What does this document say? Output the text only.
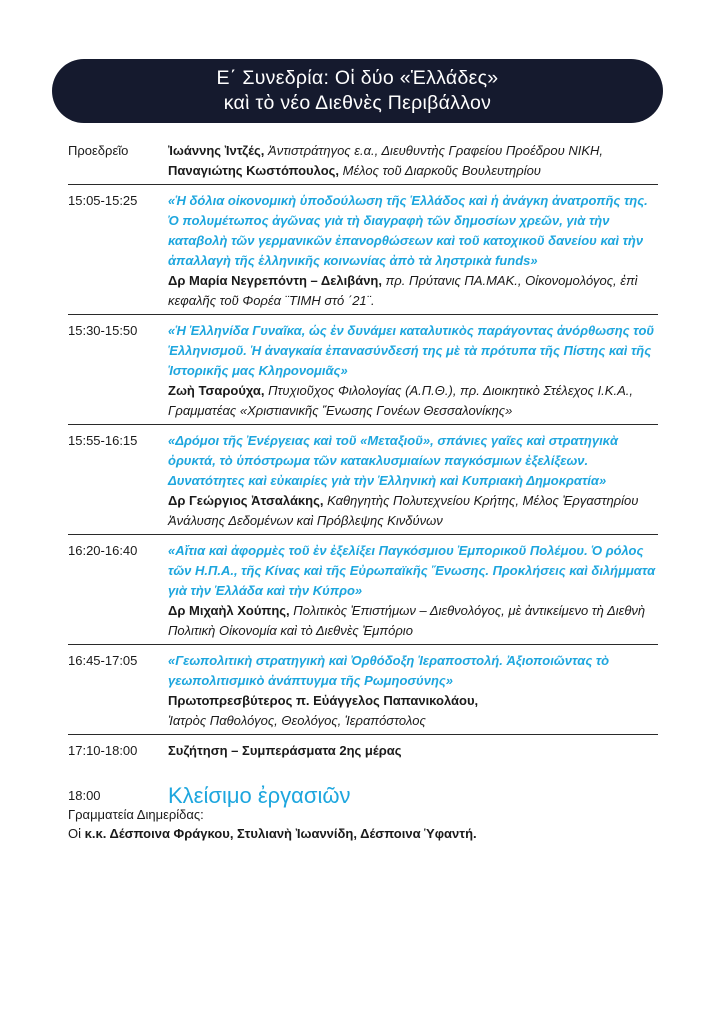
Ε΄ Συνεδρία: Οἱ δύο «Ἑλλάδες»
καὶ τὸ νέο Διεθνὲς Περιβάλλον
Προεδρεῖο	Ἰωάννης Ἰντζές, Ἀντιστράτηγος ε.α., Διευθυντὴς Γραφείου Προέδρου ΝΙΚΗ,
Παναγιώτης Κωστόπουλος, Μέλος τοῦ Διαρκοῦς Βουλευτηρίου
15:05-15:25	«Ἡ δόλια οἰκονομικὴ ὑποδούλωση τῆς Ἑλλάδος καὶ ἡ ἀνάγκη ἀνατροπῆς της. Ὁ πολυμέτωπος ἀγῶνας γιὰ τὴ διαγραφὴ τῶν δημοσίων χρεῶν, γιὰ τὴν καταβολὴ τῶν γερμανικῶν ἐπανορθώσεων καὶ τοῦ κατοχικοῦ δανείου καὶ τὴν ἀπαλλαγὴ τῆς ἑλληνικῆς κοινωνίας ἀπὸ τὰ ληστρικὰ funds»
Δρ Μαρία Νεγρεπόντη – Δελιβάνη, πρ. Πρύτανις ΠΑ.ΜΑΚ., Οἰκονομολόγος, ἐπὶ κεφαλῆς τοῦ Φορέα ¨ΤΙΜΗ στό ΄21¨.
15:30-15:50	«Ἡ Ἑλληνίδα Γυναῖκα, ὡς ἐν δυνάμει καταλυτικὸς παράγοντας ἀνόρθωσης τοῦ Ἑλληνισμοῦ. Ἡ ἀναγκαία ἐπανασύνδεσή της μὲ τὰ πρότυπα τῆς Πίστης καὶ τῆς Ἱστορικῆς μας Κληρονομιᾶς»
Ζωὴ Τσαρούχα, Πτυχιοῦχος Φιλολογίας (Α.Π.Θ.), πρ. Διοικητικὸ Στέλεχος Ι.Κ.Α., Γραμματέας «Χριστιανικῆς Ἕνωσης Γονέων Θεσσαλονίκης»
15:55-16:15	«Δρόμοι τῆς Ἐνέργειας καὶ τοῦ «Μεταξιοῦ», σπάνιες γαῖες καὶ στρατηγικὰ ὀρυκτά, τὸ ὑπόστρωμα τῶν κατακλυσμιαίων παγκόσμιων ἐξελίξεων. Δυνατότητες καὶ εὐκαιρίες γιὰ τὴν Ἑλληνικὴ καὶ Κυπριακὴ Δημοκρατία»
Δρ Γεώργιος Ἀτσαλάκης, Καθηγητὴς Πολυτεχνείου Κρήτης, Μέλος Ἐργαστηρίου Ἀνάλυσης Δεδομένων καὶ Πρόβλεψης Κινδύνων
16:20-16:40	«Αἴτια καὶ ἀφορμὲς τοῦ ἐν ἐξελίξει Παγκόσμιου Ἐμπορικοῦ Πολέμου. Ὁ ρόλος τῶν Η.Π.Α., τῆς Κίνας καὶ τῆς Εὐρωπαϊκῆς Ἕνωσης. Προκλήσεις καὶ διλήμματα γιὰ τὴν Ἑλλάδα καὶ τὴν Κύπρο»
Δρ Μιχαὴλ Χούπης, Πολιτικὸς Ἐπιστήμων – Διεθνολόγος, μὲ ἀντικείμενο τὴ Διεθνὴ Πολιτικὴ Οἰκονομία καὶ τὸ Διεθνὲς Ἐμπόριο
16:45-17:05	«Γεωπολιτικὴ στρατηγικὴ καὶ Ὀρθόδοξη Ἱεραποστολή. Ἀξιοποιῶντας τὸ γεωπολιτισμικὸ ἀνάπτυγμα τῆς Ρωμηοσύνης»
Πρωτοπρεσβύτερος π. Εὐάγγελος Παπανικολάου,
Ἰατρὸς Παθολόγος, Θεολόγος, Ἱεραπόστολος
17:10-18:00	Συζήτηση – Συμπεράσματα 2ης μέρας
18:00	Κλείσιμο ἐργασιῶν
Γραμματεία Διημερίδας:
Οἱ κ.κ. Δέσποινα Φράγκου, Στυλιανὴ Ἰωαννίδη, Δέσποινα Ὑφαντή.
